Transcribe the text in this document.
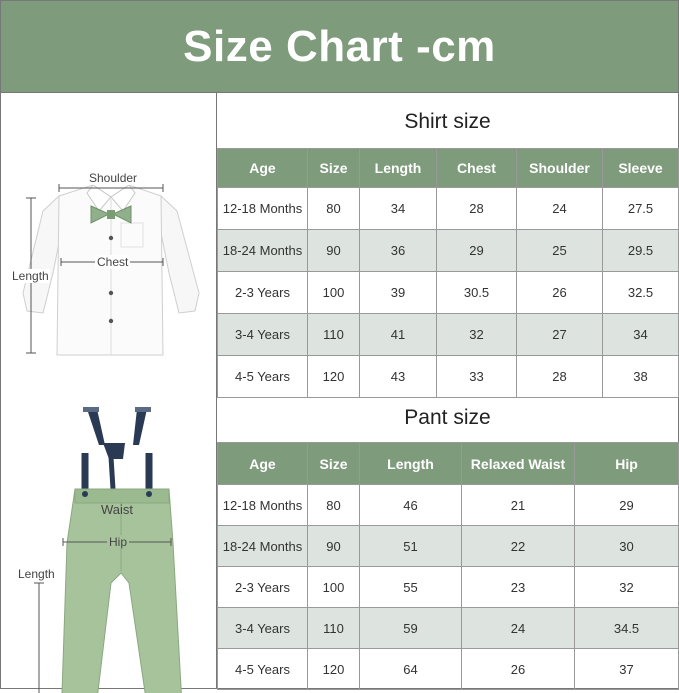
Size Chart -cm
Shoulder
Chest
Length
Waist
Hip
Length
Shirt size
Age	Size	Length	Chest	Shoulder	Sleeve
12-18 Months	80	34	28	24	27.5
18-24 Months	90	36	29	25	29.5
2-3 Years	100	39	30.5	26	32.5
3-4 Years	110	41	32	27	34
4-5 Years	120	43	33	28	38
Pant size
Age	Size	Length	Relaxed Waist	Hip
12-18 Months	80	46	21	29
18-24 Months	90	51	22	30
2-3 Years	100	55	23	32
3-4 Years	110	59	24	34.5
4-5 Years	120	64	26	37
